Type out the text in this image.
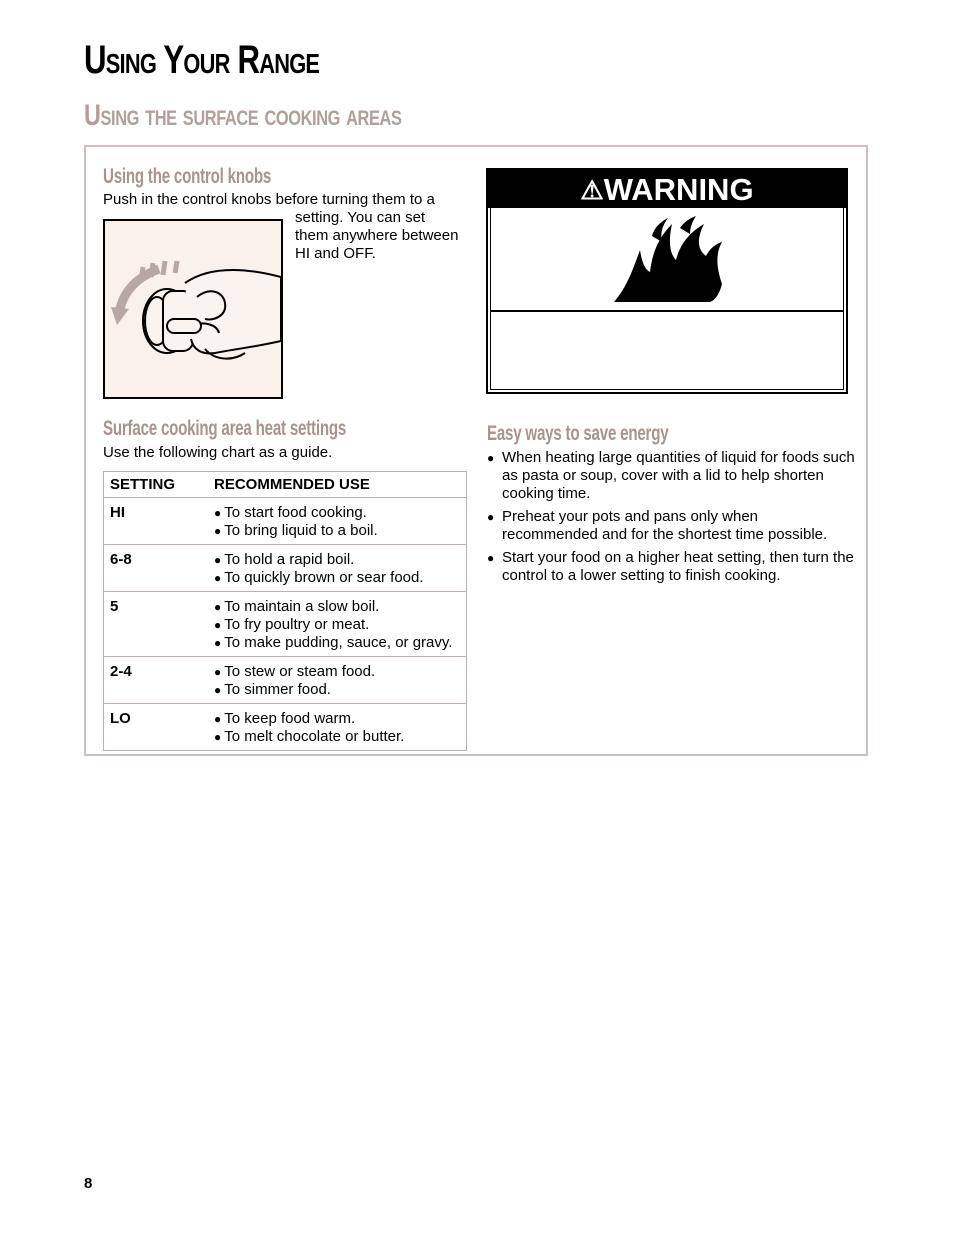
Using Your Range
Using the surface cooking areas
Using the control knobs

Push in the control knobs before turning them to a

setting. You can set

them anywhere between

HI and OFF.

⚠WARNING
Surface cooking area heat settings

Use the following chart as a guide.

SETTING	RECOMMENDED USE
HI	● To start food cooking.
● To bring liquid to a boil.

6-8	● To hold a rapid boil.
● To quickly brown or sear food.

5	● To maintain a slow boil.
● To fry poultry or meat.
● To make pudding, sauce, or gravy.

2-4	● To stew or steam food.
● To simmer food.

LO	● To keep food warm.
● To melt chocolate or butter.
Easy ways to save energy
● When heating large quantities of liquid for foods such as pasta or soup, cover with a lid to help shorten cooking time.
● Preheat your pots and pans only when recommended and for the shortest time possible.
● Start your food on a higher heat setting, then turn the control to a lower setting to finish cooking.
8
